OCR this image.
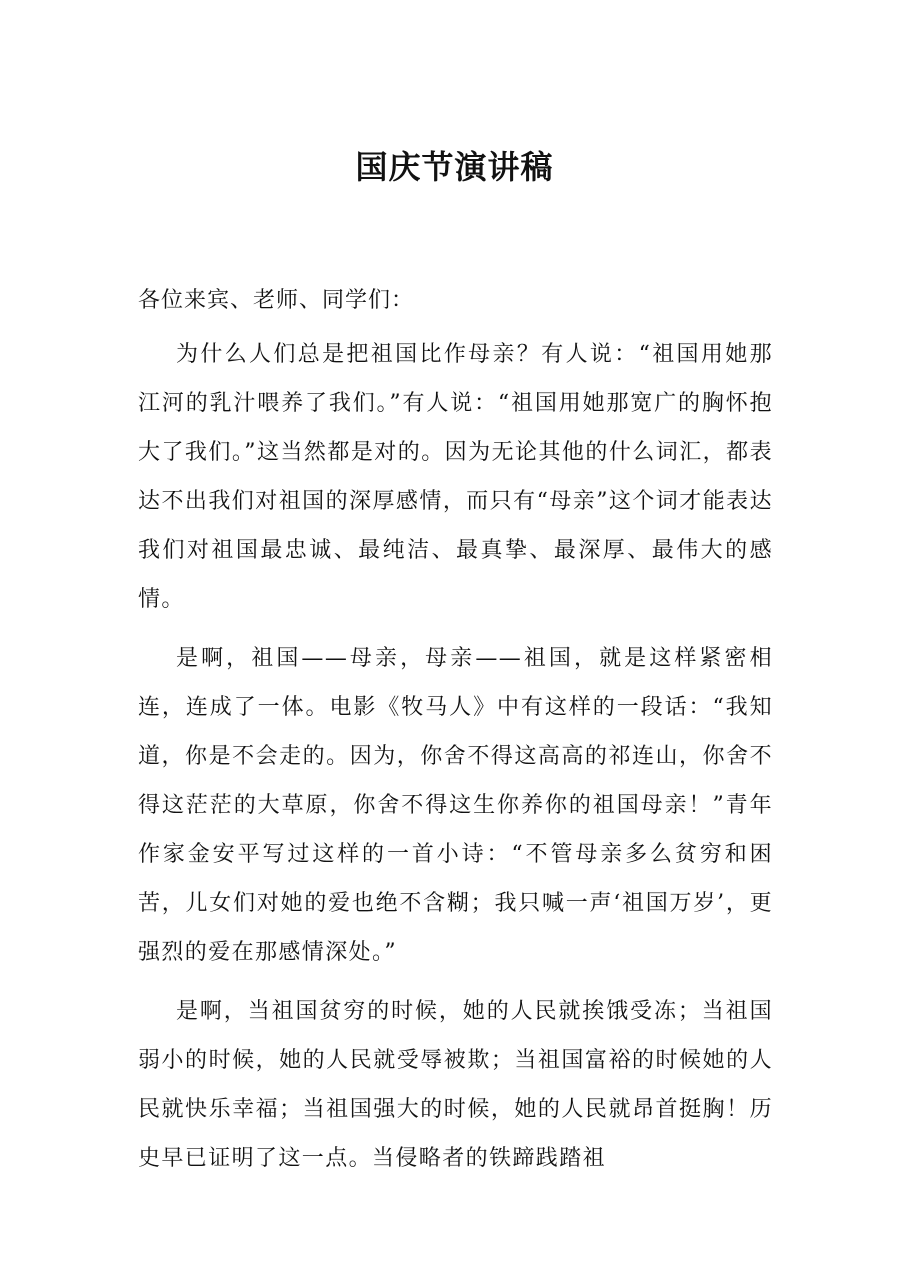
国庆节演讲稿

各位来宾、老师、同学们：

为什么人们总是把祖国比作母亲？有人说：“祖国用她那江河的乳汁喂养了我们。”有人说：“祖国用她那宽广的胸怀抱大了我们。”这当然都是对的。因为无论其他的什么词汇，都表达不出我们对祖国的深厚感情，而只有“母亲”这个词才能表达我们对祖国最忠诚、最纯洁、最真挚、最深厚、最伟大的感情。

是啊，祖国——母亲，母亲——祖国，就是这样紧密相连，连成了一体。电影《牧马人》中有这样的一段话：“我知道，你是不会走的。因为，你舍不得这高高的祁连山，你舍不得这茫茫的大草原，你舍不得这生你养你的祖国母亲！”青年作家金安平写过这样的一首小诗：“不管母亲多么贫穷和困苦，儿女们对她的爱也绝不含糊；我只喊一声‘祖国万岁’，更强烈的爱在那感情深处。”

是啊，当祖国贫穷的时候，她的人民就挨饿受冻；当祖国弱小的时候，她的人民就受辱被欺；当祖国富裕的时候她的人民就快乐幸福；当祖国强大的时候，她的人民就昂首挺胸！历史早已证明了这一点。当侵略者的铁蹄践踏祖
